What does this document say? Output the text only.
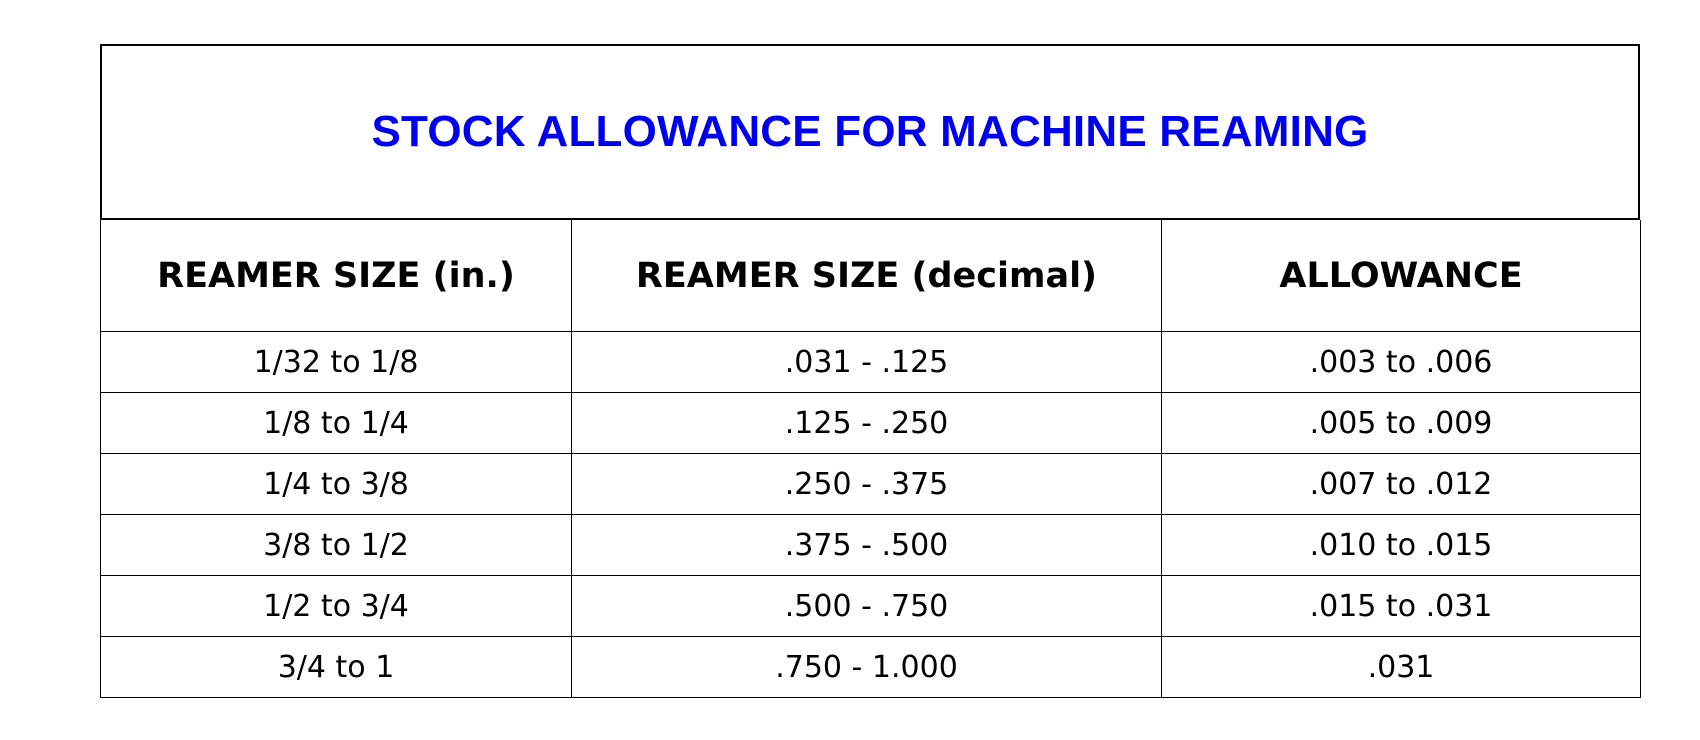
STOCK ALLOWANCE FOR MACHINE REAMING
REAMER SIZE (in.)	REAMER SIZE (decimal)	ALLOWANCE
1/32 to 1/8	.031 - .125	.003 to .006
1/8 to 1/4	.125 - .250	.005 to .009
1/4 to 3/8	.250 - .375	.007 to .012
3/8 to 1/2	.375 - .500	.010 to .015
1/2 to 3/4	.500 - .750	.015 to .031
3/4 to 1	.750 - 1.000	.031
